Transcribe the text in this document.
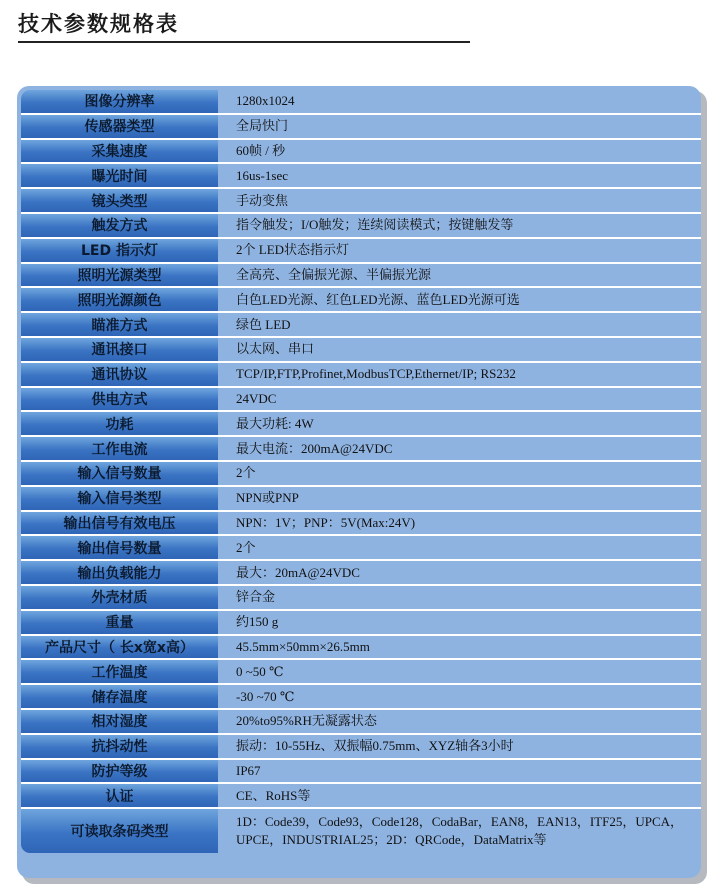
技术参数规格表
图像分辨率
传感器类型
采集速度
曝光时间
镜头类型
触发方式
LED 指示灯
照明光源类型
照明光源颜色
瞄准方式
通讯接口
通讯协议
供电方式
功耗
工作电流
输入信号数量
输入信号类型
输出信号有效电压
输出信号数量
输出负载能力
外壳材质
重量
产品尺寸（ 长x宽x高）
工作温度
储存温度
相对湿度
抗抖动性
防护等级
认证
可读取条码类型
1280x1024
全局快门
60帧 / 秒
16us-1sec
手动变焦
指令触发；I/O触发；连续阅读模式；按键触发等
2个 LED状态指示灯
全高亮、全偏振光源、半偏振光源
白色LED光源、红色LED光源、蓝色LED光源可选
绿色 LED
以太网、串口
TCP/IP,FTP,Profinet,ModbusTCP,Ethernet/IP; RS232
24VDC
最大功耗: 4W
最大电流：200mA@24VDC
2个
NPN或PNP
NPN：1V；PNP：5V(Max:24V)
2个
最大：20mA@24VDC
锌合金
约150 g
45.5mm×50mm×26.5mm
0 ~50 ℃
-30 ~70 ℃
20%to95%RH无凝露状态
振动：10-55Hz、双振幅0.75mm、XYZ轴各3小时
IP67
CE、RoHS等
1D：Code39，Code93，Code128，CodaBar，EAN8，EAN13，ITF25，UPCA，UPCE，INDUSTRIAL25；2D：QRCode，DataMatrix等
